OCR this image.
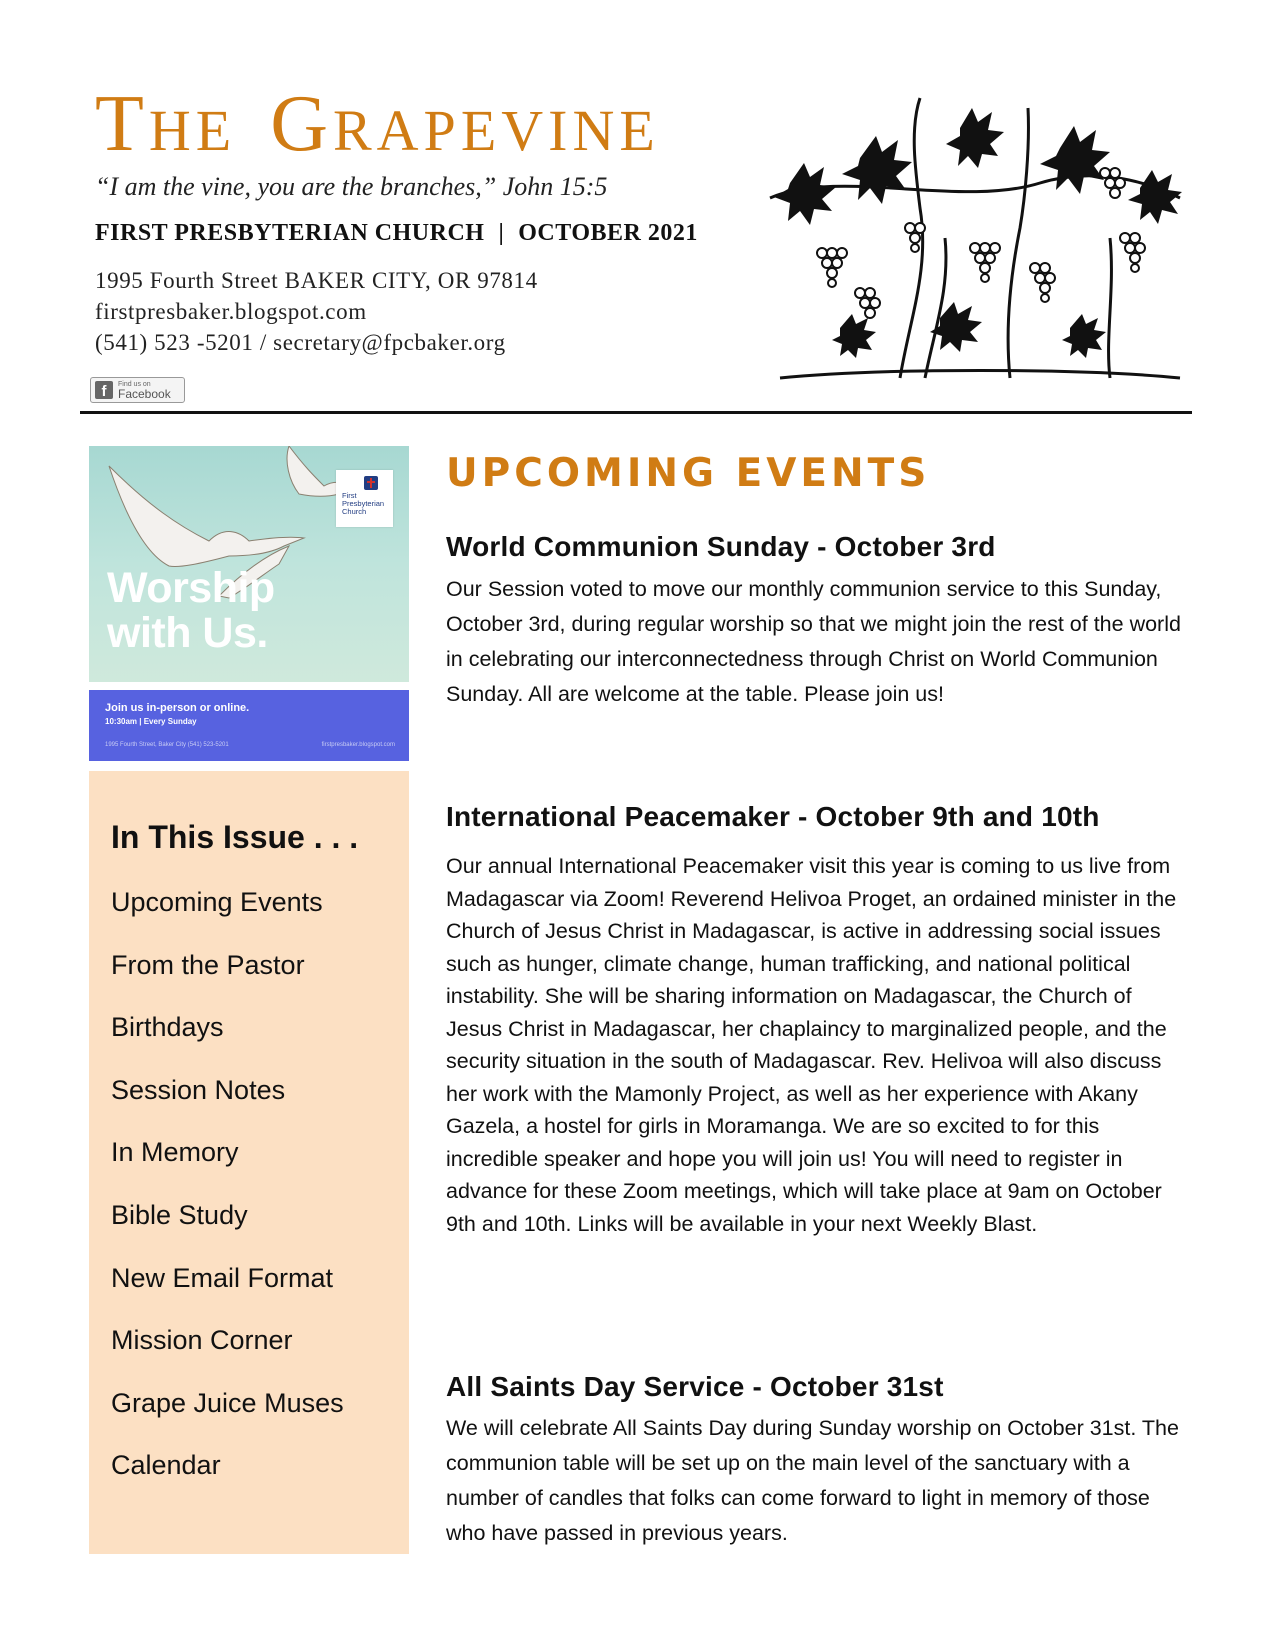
THE GRAPEVINE
“I am the vine, you are the branches,” John 15:5
FIRST PRESBYTERIAN CHURCH | OCTOBER 2021
1995 Fourth Street BAKER CITY, OR 97814
firstpresbaker.blogspot.com
(541) 523 -5201 / secretary@fpcbaker.org
f	Find us on
Facebook
First
Presbyterian
Church
Worship
with Us.
Join us in-person or online.
10:30am | Every Sunday
1995 Fourth Street, Baker City (541) 523-5201	firstpresbaker.blogspot.com
In This Issue . . .
Upcoming Events
From the Pastor
Birthdays
Session Notes
In Memory
Bible Study
New Email Format
Mission Corner
Grape Juice Muses
Calendar
UPCOMING EVENTS
World Communion Sunday - October 3rd

Our Session voted to move our monthly communion service to this Sunday, October 3rd, during regular worship so that we might join the rest of the world in celebrating our interconnectedness through Christ on World Communion Sunday. All are welcome at the table. Please join us!

International Peacemaker - October 9th and 10th

Our annual International Peacemaker visit this year is coming to us live from Madagascar via Zoom! Reverend Helivoa Proget, an ordained minister in the Church of Jesus Christ in Madagascar, is active in addressing social issues such as hunger, climate change, human trafficking, and national political instability. She will be sharing information on Madagascar, the Church of Jesus Christ in Madagascar, her chaplaincy to marginalized people, and the security situation in the south of Madagascar. Rev. Helivoa will also discuss her work with the Mamonly Project, as well as her experience with Akany Gazela, a hostel for girls in Moramanga. We are so excited to for this incredible speaker and hope you will join us! You will need to register in advance for these Zoom meetings, which will take place at 9am on October 9th and 10th. Links will be available in your next Weekly Blast.

All Saints Day Service - October 31st

We will celebrate All Saints Day during Sunday worship on October 31st. The communion table will be set up on the main level of the sanctuary with a number of candles that folks can come forward to light in memory of those who have passed in previous years.
